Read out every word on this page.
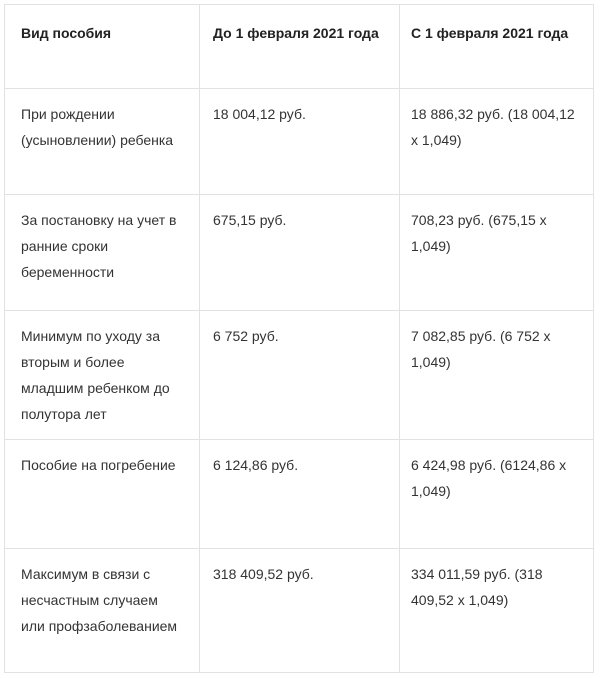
Вид пособия	До 1 февраля 2021 года	С 1 февраля 2021 года
При рождении (усыновлении) ребенка	18 004,12 руб.	18 886,32 руб. (18 004,12 х 1,049)
За постановку на учет в ранние сроки беременности	675,15 руб.	708,23 руб. (675,15 х 1,049)
Минимум по уходу за вторым и более младшим ребенком до полутора лет	6 752 руб.	7 082,85 руб. (6 752 х 1,049)
Пособие на погребение	6 124,86 руб.	6 424,98 руб. (6124,86 х 1,049)
Максимум в связи с несчастным случаем или профзаболеванием	318 409,52 руб.	334 011,59 руб. (318 409,52 х 1,049)
